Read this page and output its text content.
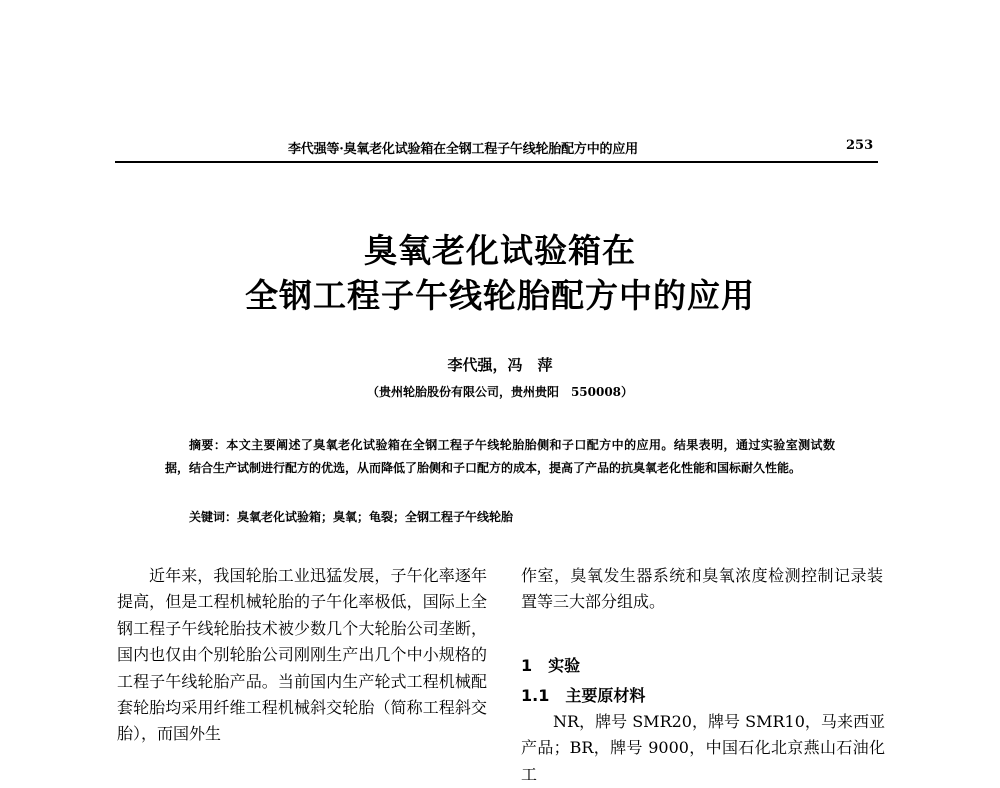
李代强等·臭氧老化试验箱在全钢工程子午线轮胎配方中的应用	253
臭氧老化试验箱在
全钢工程子午线轮胎配方中的应用
李代强，冯　萍
（贵州轮胎股份有限公司，贵州贵阳　550008）
摘要：本文主要阐述了臭氧老化试验箱在全钢工程子午线轮胎胎侧和子口配方中的应用。结果表明，通过实验室测试数据，结合生产试制进行配方的优选，从而降低了胎侧和子口配方的成本，提高了产品的抗臭氧老化性能和国标耐久性能。
关键词：臭氧老化试验箱；臭氧；龟裂；全钢工程子午线轮胎

近年来，我国轮胎工业迅猛发展，子午化率逐年提高，但是工程机械轮胎的子午化率极低，国际上全钢工程子午线轮胎技术被少数几个大轮胎公司垄断，国内也仅由个别轮胎公司刚刚生产出几个中小规格的工程子午线轮胎产品。当前国内生产轮式工程机械配套轮胎均采用纤维工程机械斜交轮胎（简称工程斜交胎），而国外生

作室，臭氧发生器系统和臭氧浓度检测控制记录装置等三大部分组成。

1　实验
1.1　主要原材料
NR，牌号 SMR20，牌号 SMR10，马来西亚产品；BR，牌号 9000，中国石化北京燕山石油化工
